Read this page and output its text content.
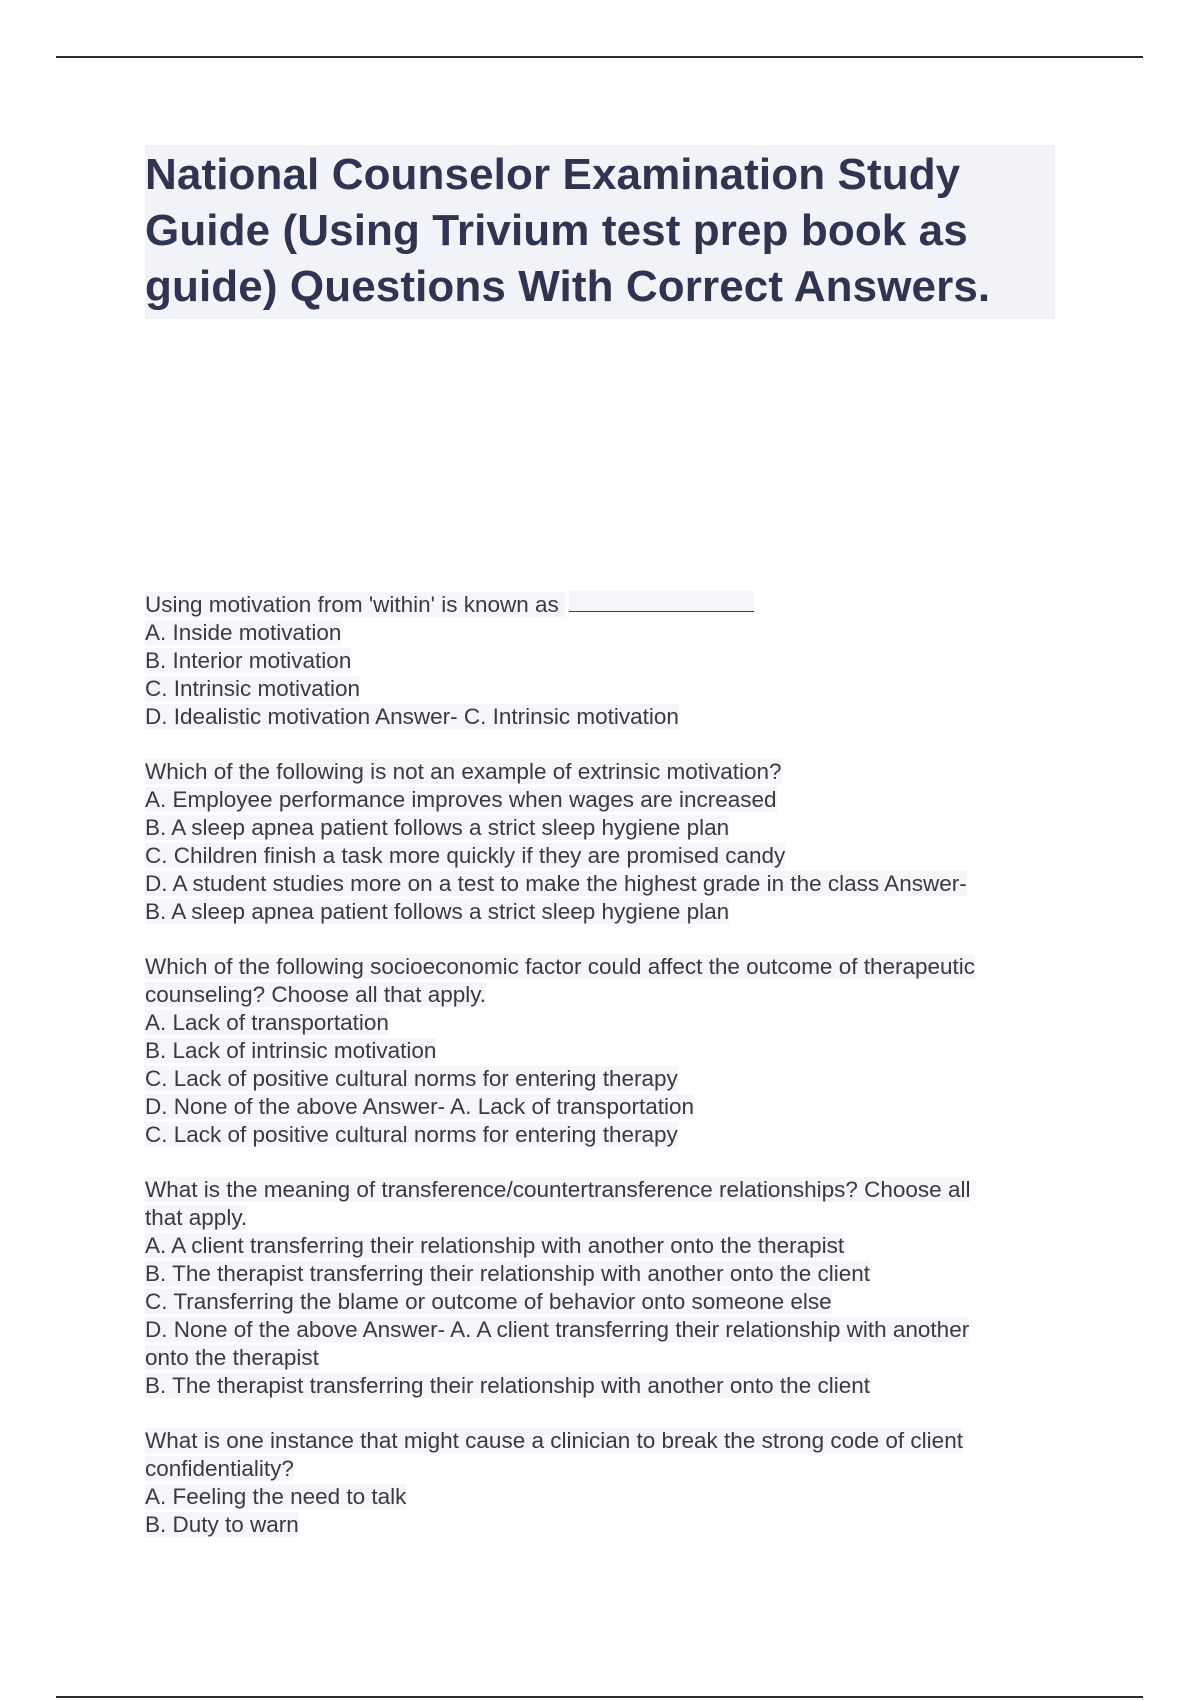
National Counselor Examination Study Guide (Using Trivium test prep book as guide) Questions With Correct Answers.
Using motivation from 'within' is known as
A. Inside motivation
B. Interior motivation
C. Intrinsic motivation
D. Idealistic motivation Answer- C. Intrinsic motivation
Which of the following is not an example of extrinsic motivation?
A. Employee performance improves when wages are increased
B. A sleep apnea patient follows a strict sleep hygiene plan
C. Children finish a task more quickly if they are promised candy
D. A student studies more on a test to make the highest grade in the class Answer-
B. A sleep apnea patient follows a strict sleep hygiene plan
Which of the following socioeconomic factor could affect the outcome of therapeutic
counseling? Choose all that apply.
A. Lack of transportation
B. Lack of intrinsic motivation
C. Lack of positive cultural norms for entering therapy
D. None of the above Answer- A. Lack of transportation
C. Lack of positive cultural norms for entering therapy
What is the meaning of transference/countertransference relationships? Choose all
that apply.
A. A client transferring their relationship with another onto the therapist
B. The therapist transferring their relationship with another onto the client
C. Transferring the blame or outcome of behavior onto someone else
D. None of the above Answer- A. A client transferring their relationship with another
onto the therapist
B. The therapist transferring their relationship with another onto the client
What is one instance that might cause a clinician to break the strong code of client
confidentiality?
A. Feeling the need to talk
B. Duty to warn
